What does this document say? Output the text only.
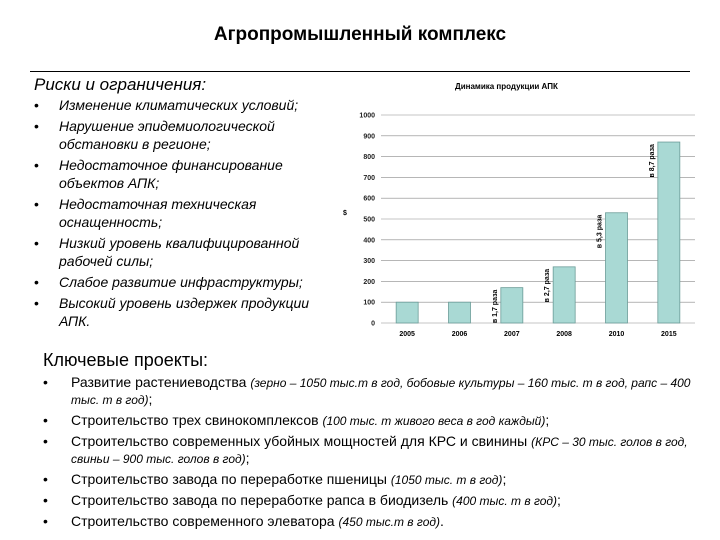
Агропромышленный комплекс
Риски и ограничения:
• Изменение климатических условий;
• Нарушение эпидемиологической обстановки в регионе;
• Недостаточное финансирование объектов АПК;
• Недостаточная техническая оснащенность;
• Низкий уровень квалифицированной рабочей силы;
• Слабое развитие инфраструктуры;
• Высокий уровень издержек продукции АПК.
Динамика продукции АПК
$
0
100
200
300
400
500
600
700
800
900
1000
2005	2006	2007
в 1,7 раза
2008
в 2,7 раза
2010
в 5,3 раза
2015
в 8,7 раза
Ключевые проекты:
• Развитие растениеводства (зерно – 1050 тыс.т в год, бобовые культуры – 160 тыс. т в год, рапс – 400 тыс. т в год);
• Строительство трех свинокомплексов (100 тыс. т живого веса в год каждый);
• Строительство современных убойных мощностей для КРС и свинины (КРС – 30 тыс. голов в год, свиньи – 900 тыс. голов в год);
• Строительство завода по переработке пшеницы (1050 тыс. т в год);
• Строительство завода по переработке рапса в биодизель (400 тыс. т в год);
• Строительство современного элеватора (450 тыс.т в год).
